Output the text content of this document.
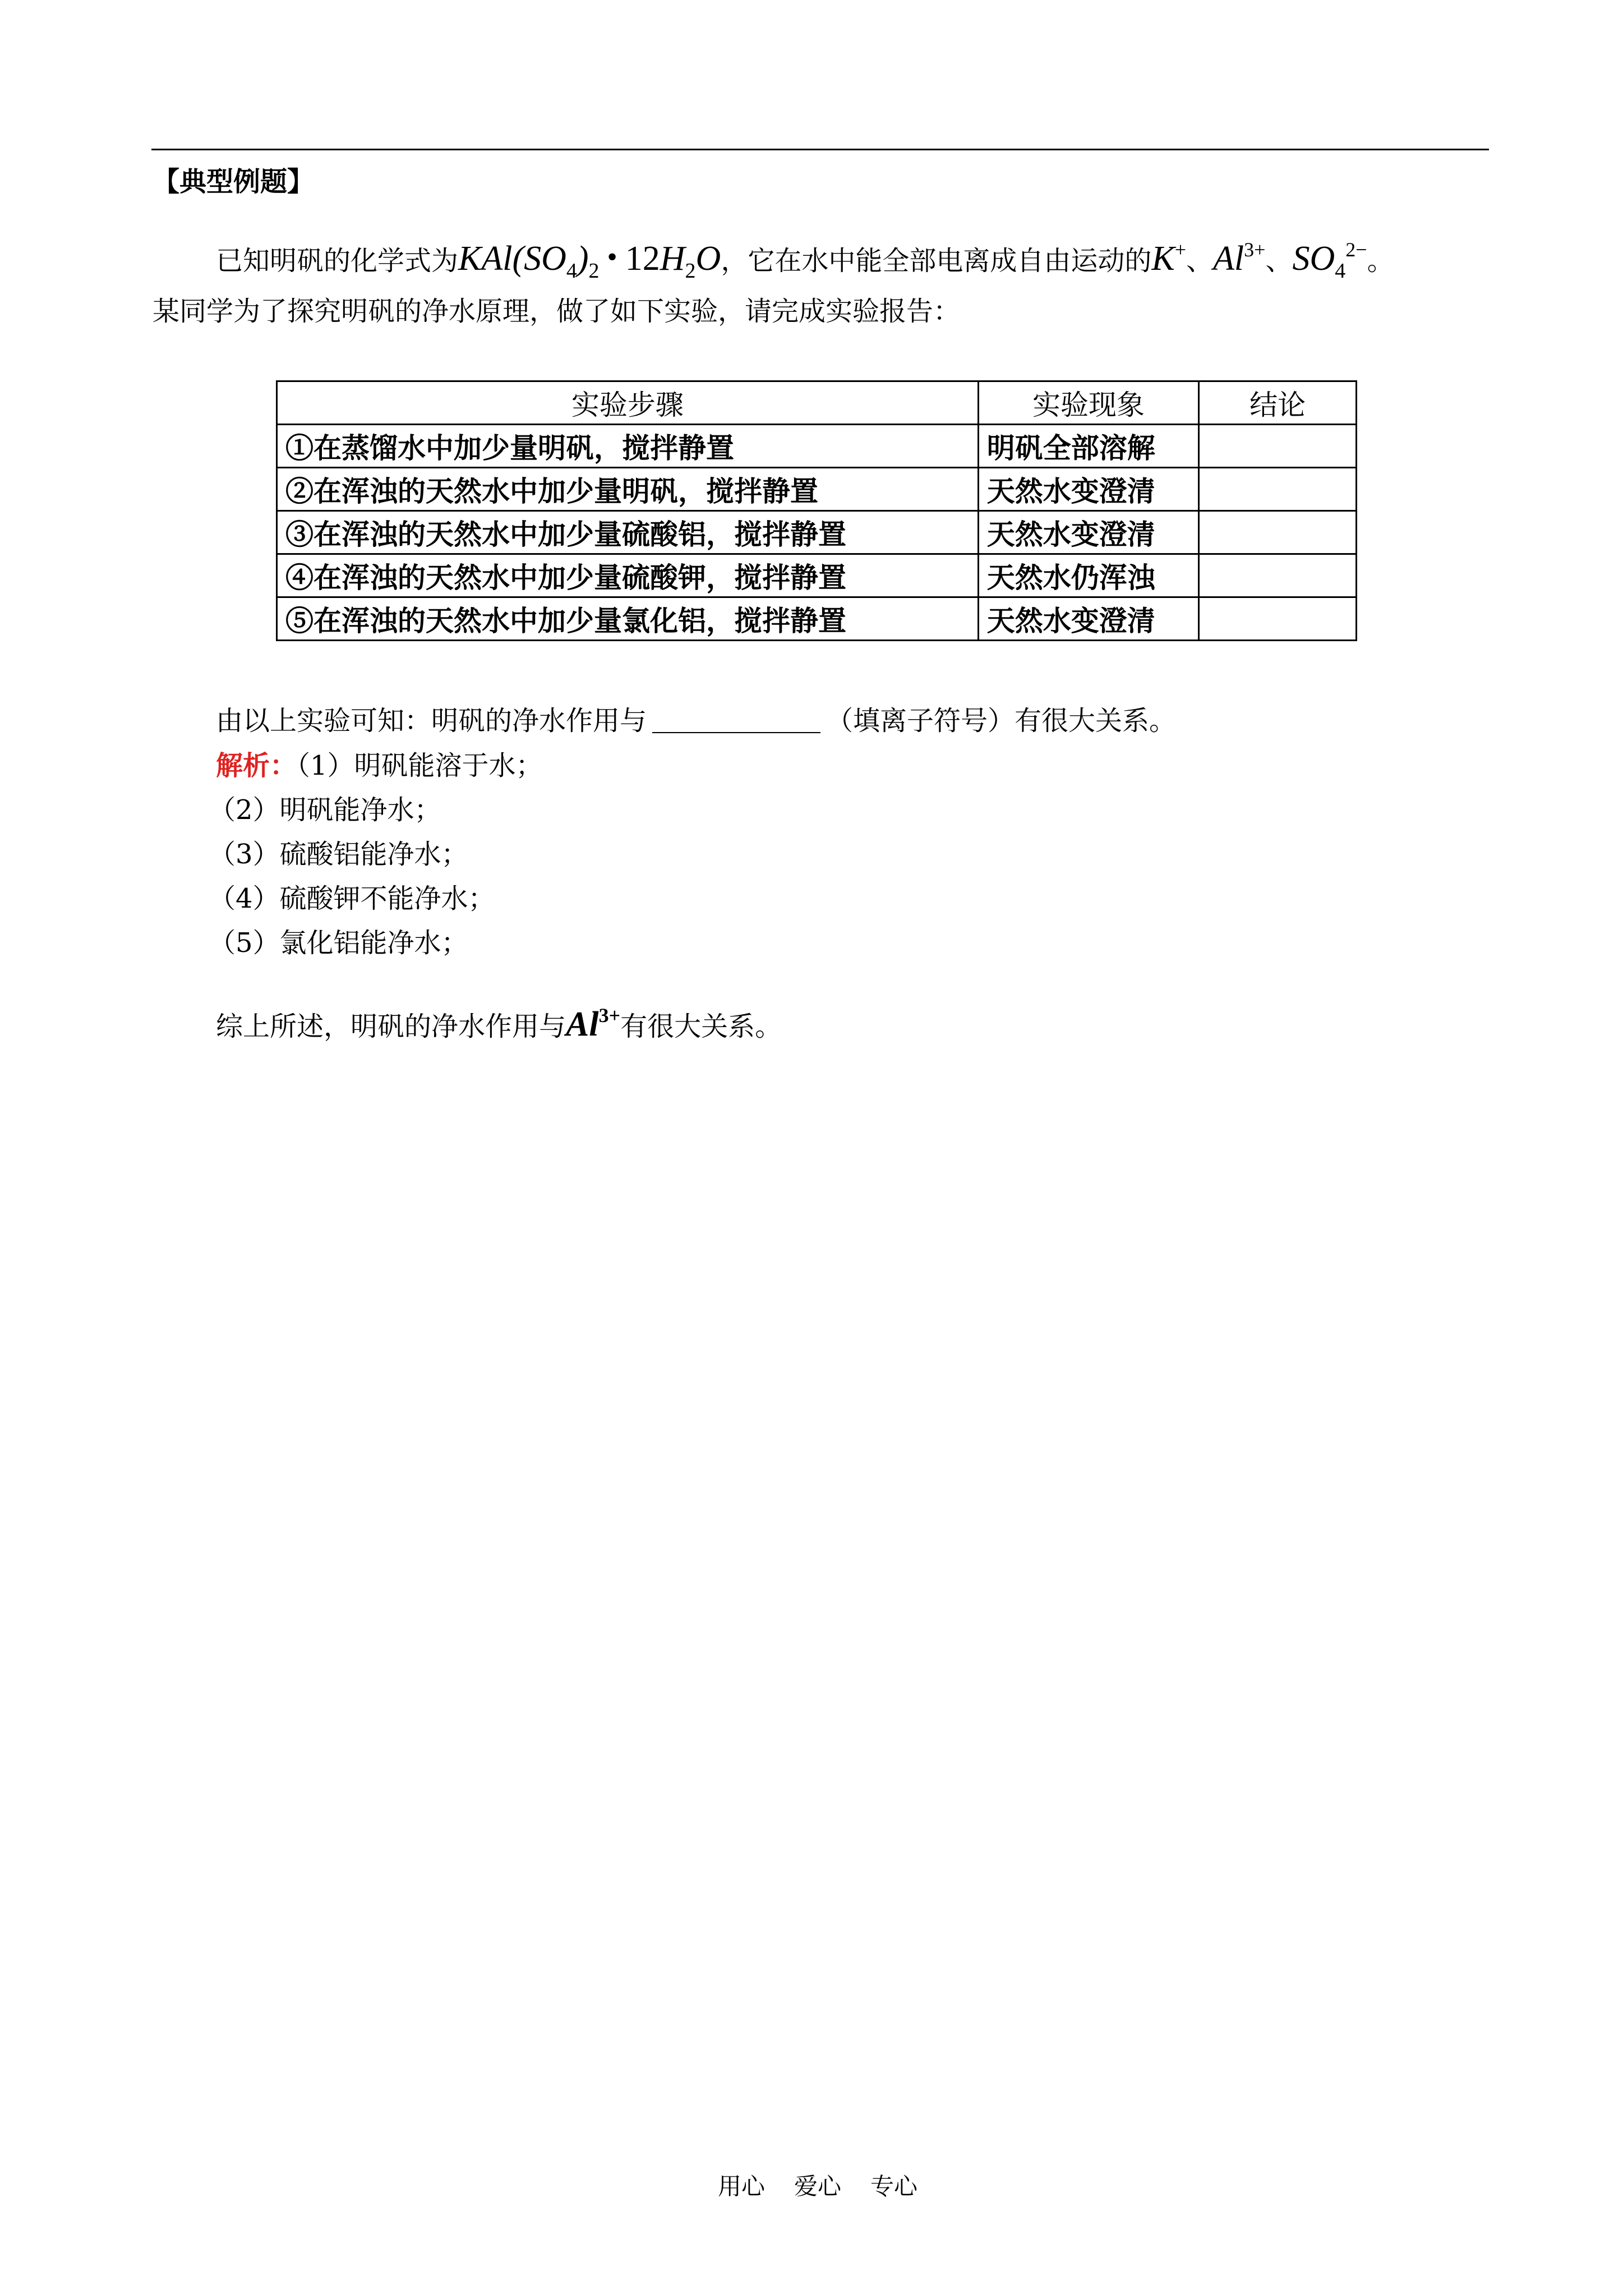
【典型例题】
已知明矾的化学式为$KAl(SO_4)_2$ • $12H_2O$，它在水中能全部电离成自由运动的K+、$Al^{3+}$、$SO_4^{2-}$。
某同学为了探究明矾的净水原理，做了如下实验，请完成实验报告：
实验步骤	实验现象	结论
①在蒸馏水中加少量明矾，搅拌静置	明矾全部溶解	
②在浑浊的天然水中加少量明矾，搅拌静置	天然水变澄清	
③在浑浊的天然水中加少量硫酸铝，搅拌静置	天然水变澄清	
④在浑浊的天然水中加少量硫酸钾，搅拌静置	天然水仍浑浊	
⑤在浑浊的天然水中加少量氯化铝，搅拌静置	天然水变澄清	
由以上实验可知：明矾的净水作用与	（填离子符号）有很大关系。
解析：（1）明矾能溶于水；
（2）明矾能净水；
（3）硫酸铝能净水；
（4）硫酸钾不能净水；
（5）氯化铝能净水；
综上所述，明矾的净水作用与$Al^{3+}$有很大关系。
用心 爱心 专心
